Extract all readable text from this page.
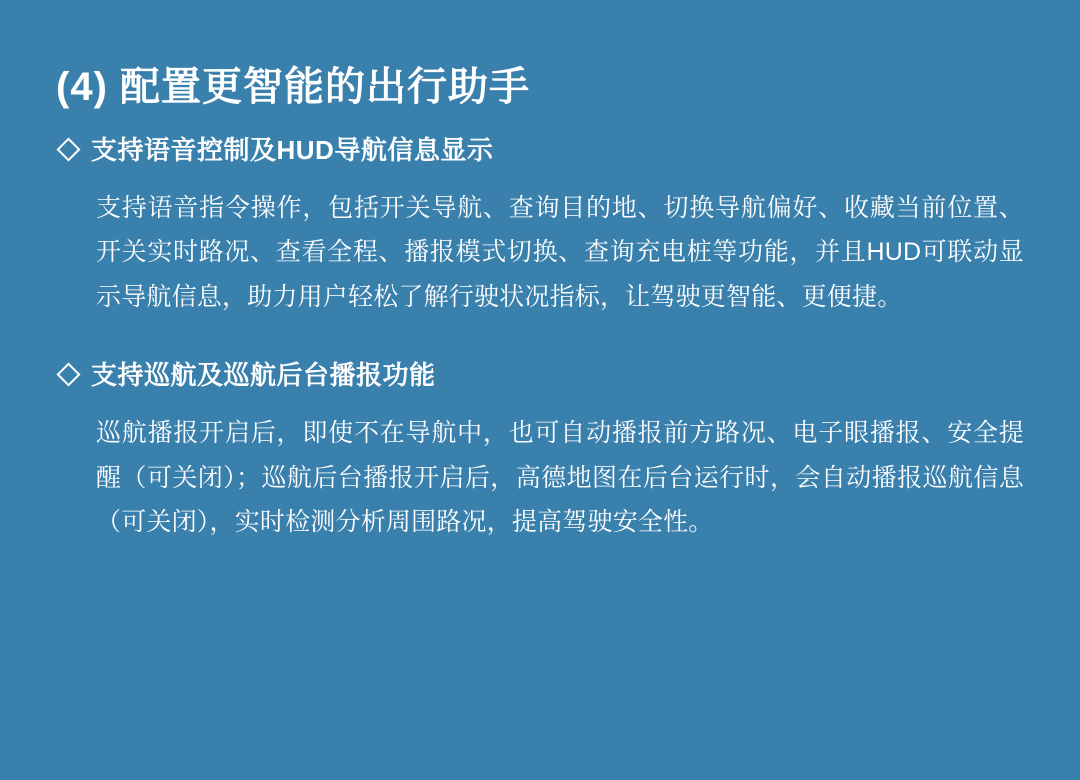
(4) 配置更智能的出行助手
支持语音控制及HUD导航信息显示

支持语音指令操作，包括开关导航、查询目的地、切换导航偏好、收藏当前位置、开关实时路况、查看全程、播报模式切换、查询充电桩等功能，并且HUD可联动显示导航信息，助力用户轻松了解行驶状况指标，让驾驶更智能、更便捷。

支持巡航及巡航后台播报功能

巡航播报开启后，即使不在导航中，也可自动播报前方路况、电子眼播报、安全提醒（可关闭）；巡航后台播报开启后，高德地图在后台运行时，会自动播报巡航信息（可关闭），实时检测分析周围路况，提高驾驶安全性。
